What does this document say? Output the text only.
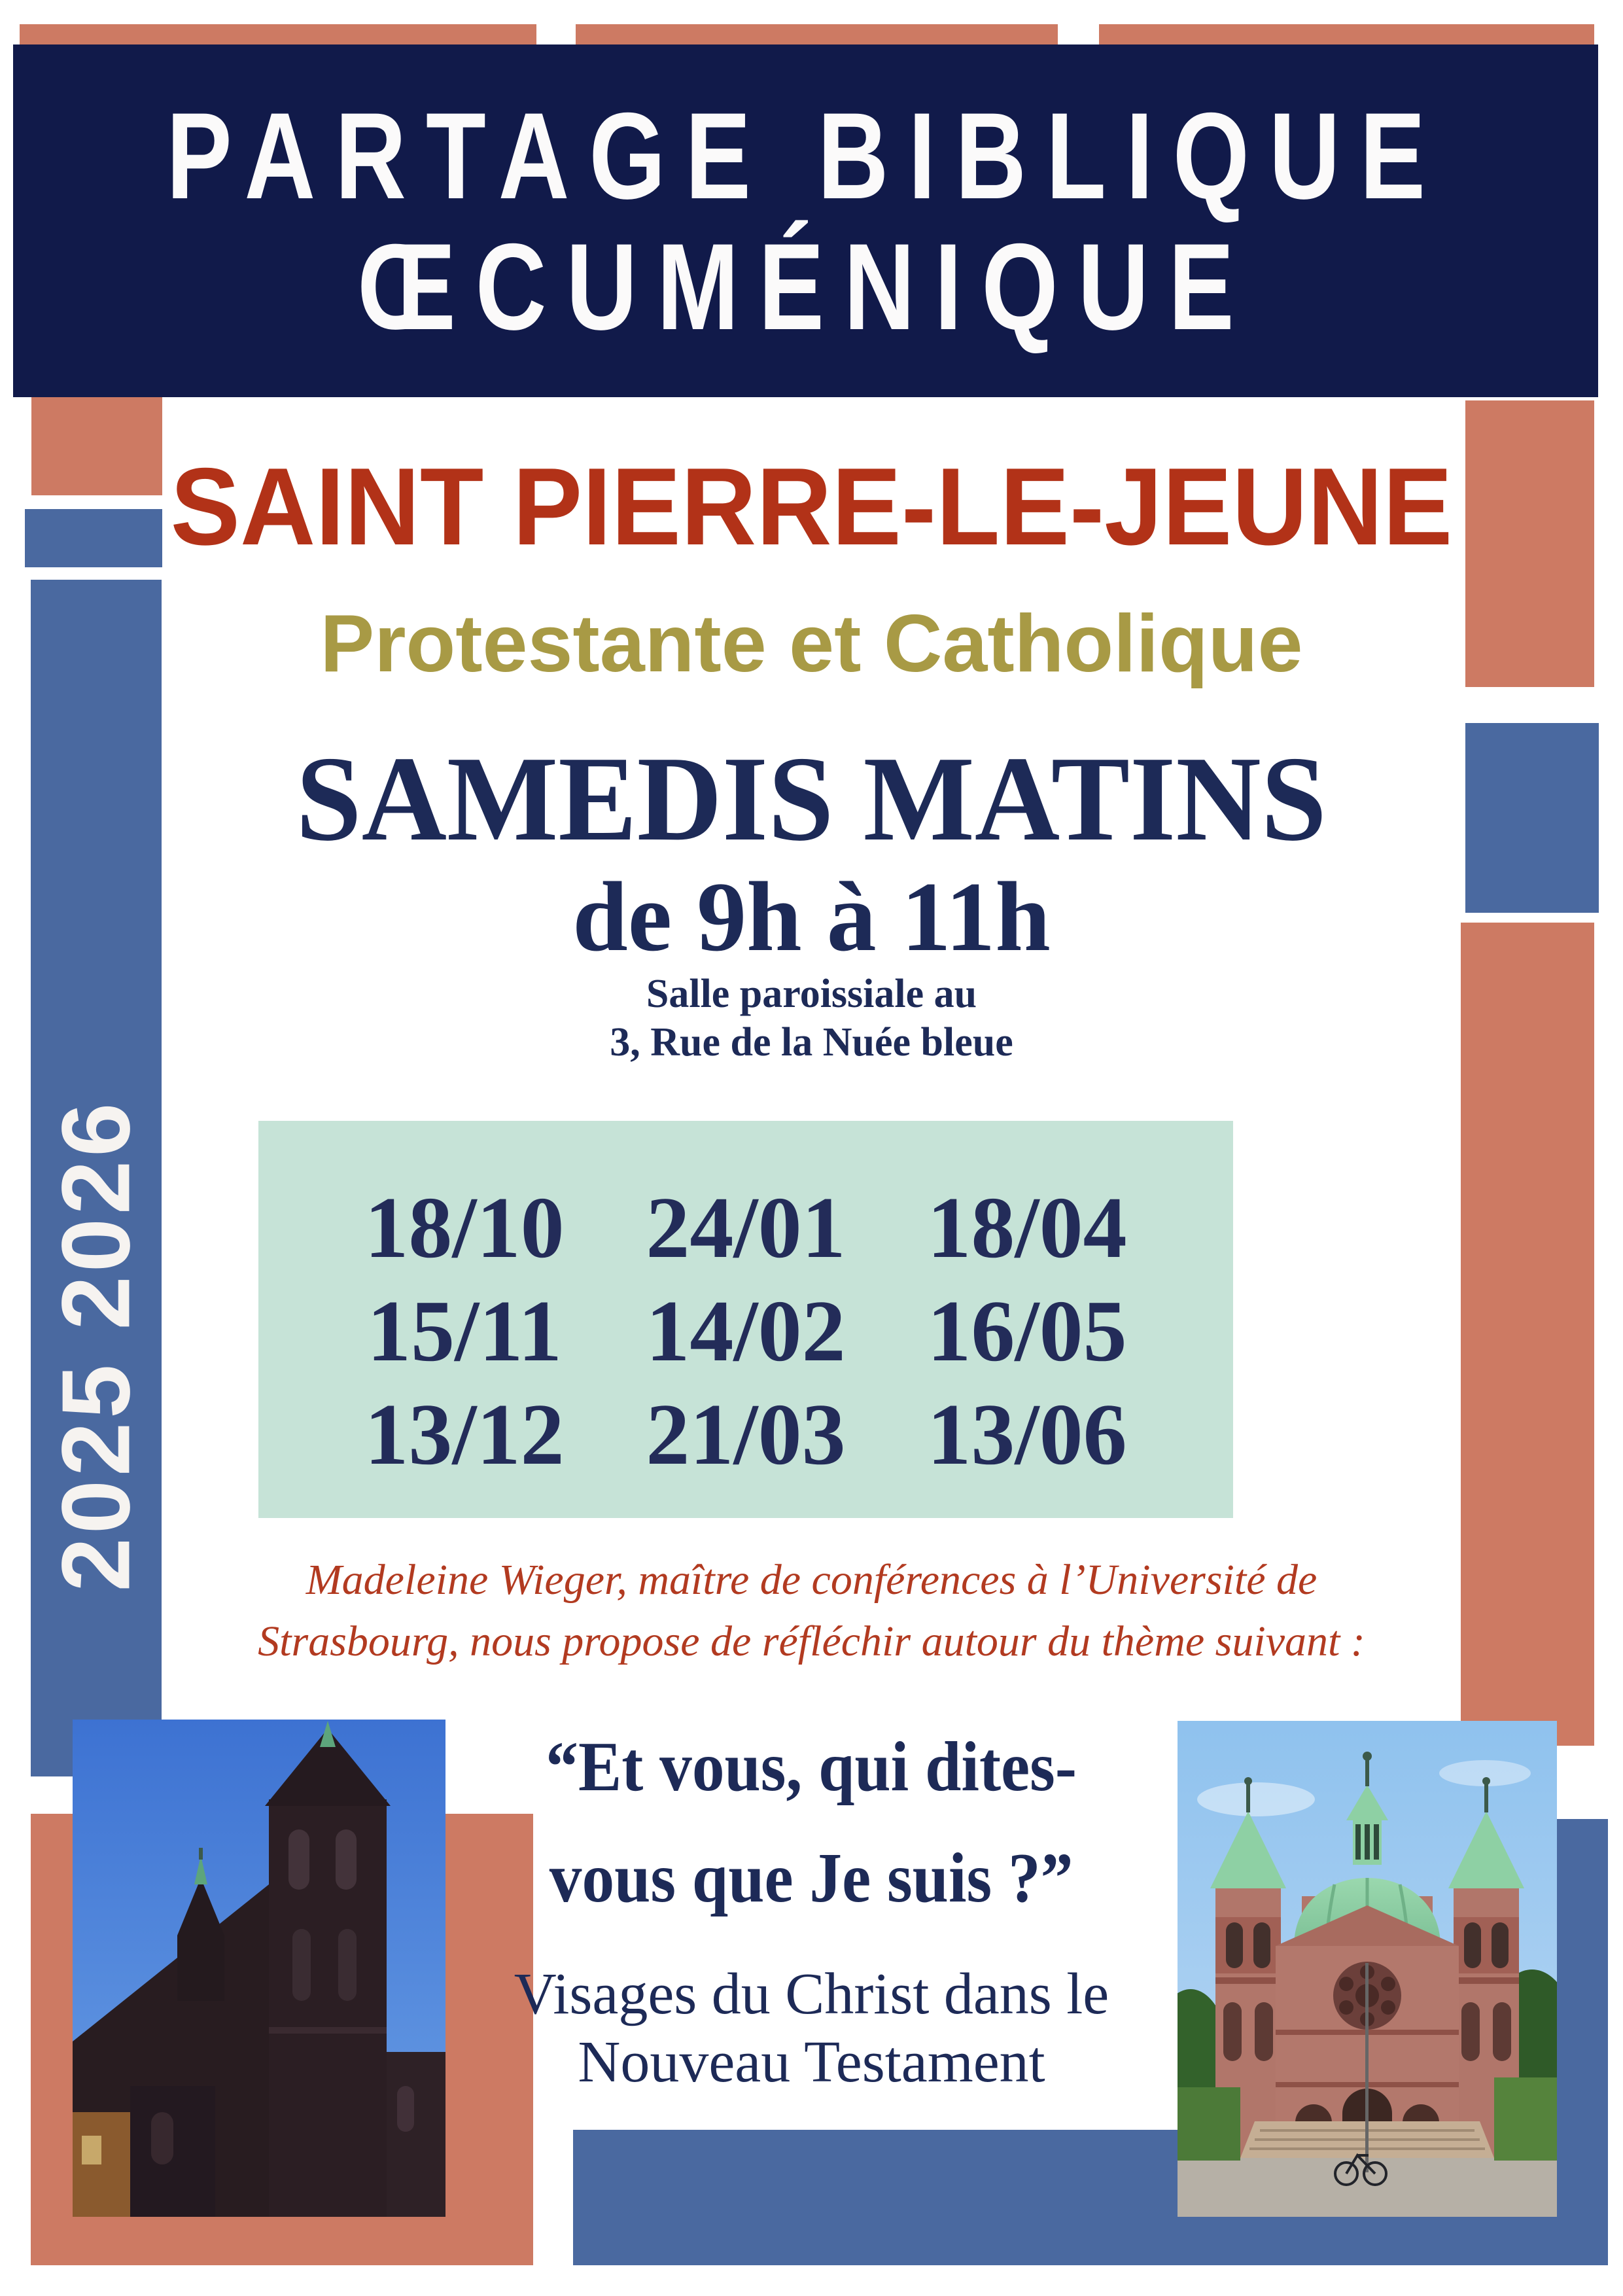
PARTAGE BIBLIQUE
ŒCUMÉNIQUE
2025 2026
SAINT PIERRE-LE-JEUNE
Protestante et Catholique
SAMEDIS MATINS
de 9h à 11h
Salle paroissiale au
3, Rue de la Nuée bleue
18/10 24/01 18/04
15/11 14/02 16/05
13/12 21/03 13/06
Madeleine Wieger, maître de conférences à l’Université de
Strasbourg, nous propose de réfléchir autour du thème suivant :
“Et vous, qui dites-
vous que Je suis ?”
Visages du Christ dans le
Nouveau Testament
